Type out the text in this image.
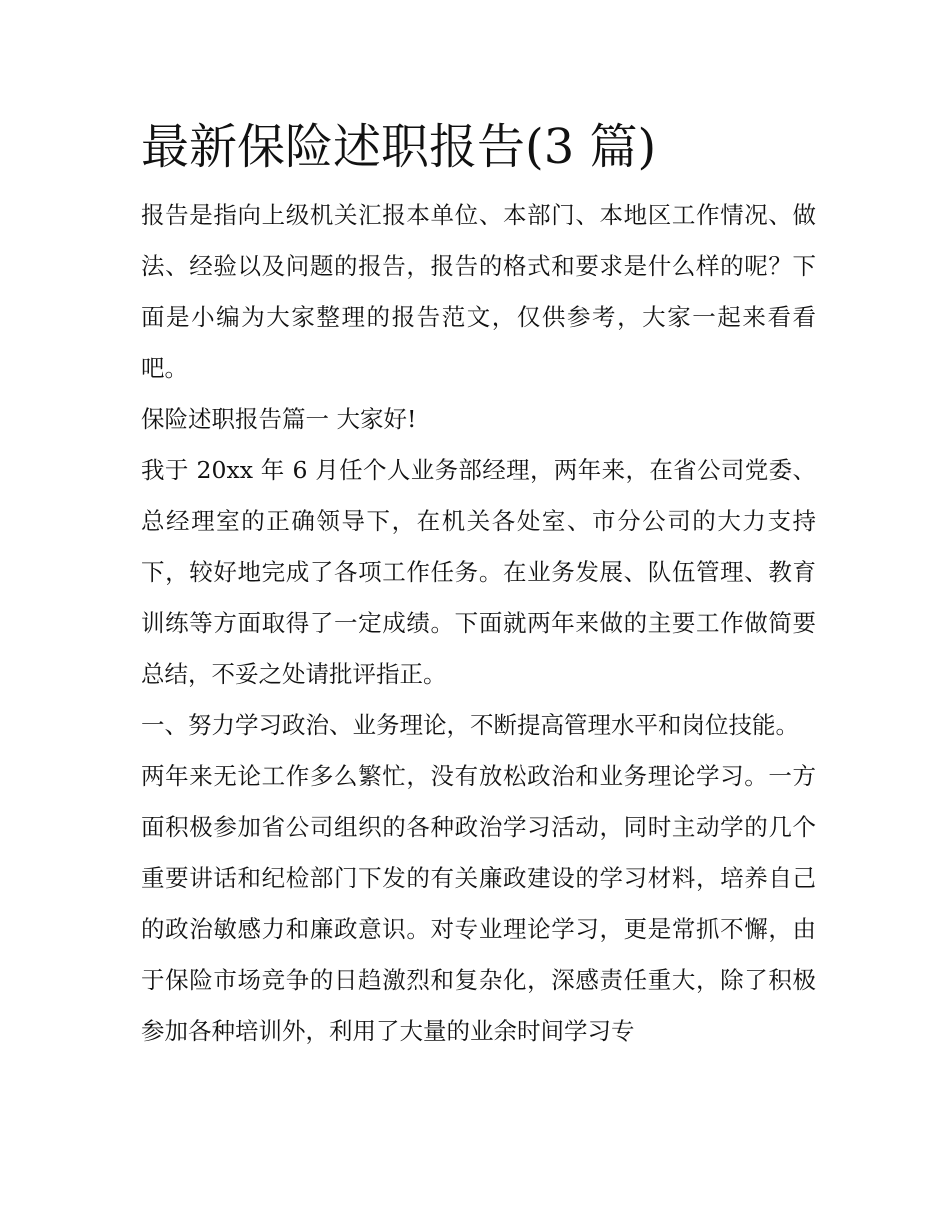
最新保险述职报告(3 篇)

报告是指向上级机关汇报本单位、本部门、本地区工作情况、做法、经验以及问题的报告，报告的格式和要求是什么样的呢？下面是小编为大家整理的报告范文，仅供参考，大家一起来看看吧。

保险述职报告篇一 大家好!

我于 20xx 年 6 月任个人业务部经理，两年来，在省公司党委、总经理室的正确领导下，在机关各处室、市分公司的大力支持下，较好地完成了各项工作任务。在业务发展、队伍管理、教育训练等方面取得了一定成绩。下面就两年来做的主要工作做简要总结，不妥之处请批评指正。

一、努力学习政治、业务理论，不断提高管理水平和岗位技能。

两年来无论工作多么繁忙，没有放松政治和业务理论学习。一方面积极参加省公司组织的各种政治学习活动，同时主动学的几个重要讲话和纪检部门下发的有关廉政建设的学习材料，培养自己的政治敏感力和廉政意识。对专业理论学习，更是常抓不懈，由于保险市场竞争的日趋激烈和复杂化，深感责任重大，除了积极参加各种培训外，利用了大量的业余时间学习专
